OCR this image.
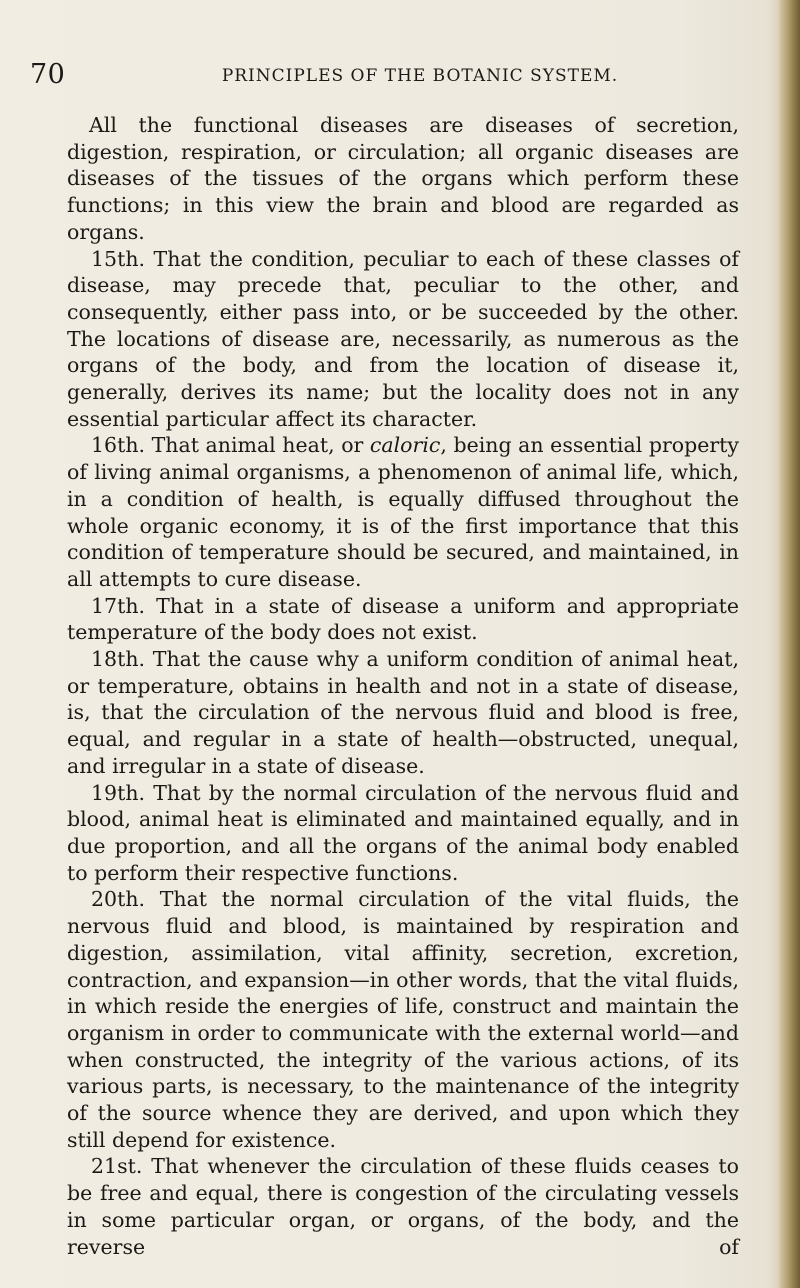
70	PRINCIPLES OF THE BOTANIC SYSTEM.

All the functional diseases are diseases of secretion, digestion, respiration, or circulation; all organic diseases are diseases of the tissues of the organs which perform these functions; in this view the brain and blood are regarded as organs.

15th. That the condition, peculiar to each of these classes of disease, may precede that, peculiar to the other, and consequently, either pass into, or be succeeded by the other. The locations of disease are, necessarily, as numerous as the organs of the body, and from the location of disease it, generally, derives its name; but the locality does not in any essential particular affect its character.

16th. That animal heat, or caloric, being an essential property of living animal organisms, a phenomenon of animal life, which, in a condition of health, is equally diffused throughout the whole organic economy, it is of the first importance that this condition of temperature should be secured, and maintained, in all attempts to cure disease.

17th. That in a state of disease a uniform and appropriate temperature of the body does not exist.

18th. That the cause why a uniform condition of animal heat, or temperature, obtains in health and not in a state of disease, is, that the circulation of the nervous fluid and blood is free, equal, and regular in a state of health—obstructed, unequal, and irregular in a state of disease.

19th. That by the normal circulation of the nervous fluid and blood, animal heat is eliminated and maintained equally, and in due proportion, and all the organs of the animal body enabled to perform their respective functions.

20th. That the normal circulation of the vital fluids, the nervous fluid and blood, is maintained by respiration and digestion, assimilation, vital affinity, secretion, excretion, contraction, and expansion—in other words, that the vital fluids, in which reside the energies of life, construct and maintain the organism in order to communicate with the external world—and when constructed, the integrity of the various actions, of its various parts, is necessary, to the maintenance of the integrity of the source whence they are derived, and upon which they still depend for existence.

21st. That whenever the circulation of these fluids ceases to be free and equal, there is congestion of the circulating vessels in some particular organ, or organs, of the body, and the reverse of
